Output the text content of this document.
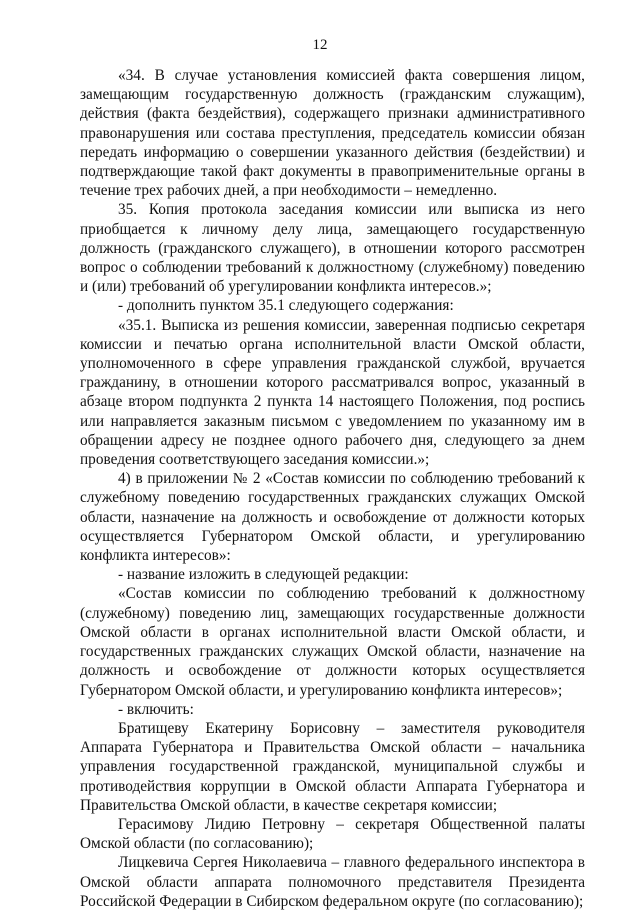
12

«34. В случае установления комиссией факта совершения лицом, замещающим государственную должность (гражданским служащим), действия (факта бездействия), содержащего признаки административного правонарушения или состава преступления, председатель комиссии обязан передать информацию о совершении указанного действия (бездействии) и подтверждающие такой факт документы в правоприменительные органы в течение трех рабочих дней, а при необходимости – немедленно.

35. Копия протокола заседания комиссии или выписка из него приобщается к личному делу лица, замещающего государственную должность (гражданского служащего), в отношении которого рассмотрен вопрос о соблюдении требований к должностному (служебному) поведению и (или) требований об урегулировании конфликта интересов.»;

- дополнить пунктом 35.1 следующего содержания:

«35.1. Выписка из решения комиссии, заверенная подписью секретаря комиссии и печатью органа исполнительной власти Омской области, уполномоченного в сфере управления гражданской службой, вручается гражданину, в отношении которого рассматривался вопрос, указанный в абзаце втором подпункта 2 пункта 14 настоящего Положения, под роспись или направляется заказным письмом с уведомлением по указанному им в обращении адресу не позднее одного рабочего дня, следующего за днем проведения соответствующего заседания комиссии.»;

4) в приложении № 2 «Состав комиссии по соблюдению требований к служебному поведению государственных гражданских служащих Омской области, назначение на должность и освобождение от должности которых осуществляется Губернатором Омской области, и урегулированию конфликта интересов»:

- название изложить в следующей редакции:

«Состав комиссии по соблюдению требований к должностному (служебному) поведению лиц, замещающих государственные должности Омской области в органах исполнительной власти Омской области, и государственных гражданских служащих Омской области, назначение на должность и освобождение от должности которых осуществляется Губернатором Омской области, и урегулированию конфликта интересов»;

- включить:

Братищеву Екатерину Борисовну – заместителя руководителя Аппарата Губернатора и Правительства Омской области – начальника управления государственной гражданской, муниципальной службы и противодействия коррупции в Омской области Аппарата Губернатора и Правительства Омской области, в качестве секретаря комиссии;

Герасимову Лидию Петровну – секретаря Общественной палаты Омской области (по согласованию);

Лицкевича Сергея Николаевича – главного федерального инспектора в Омской области аппарата полномочного представителя Президента Российской Федерации в Сибирском федеральном округе (по согласованию);
